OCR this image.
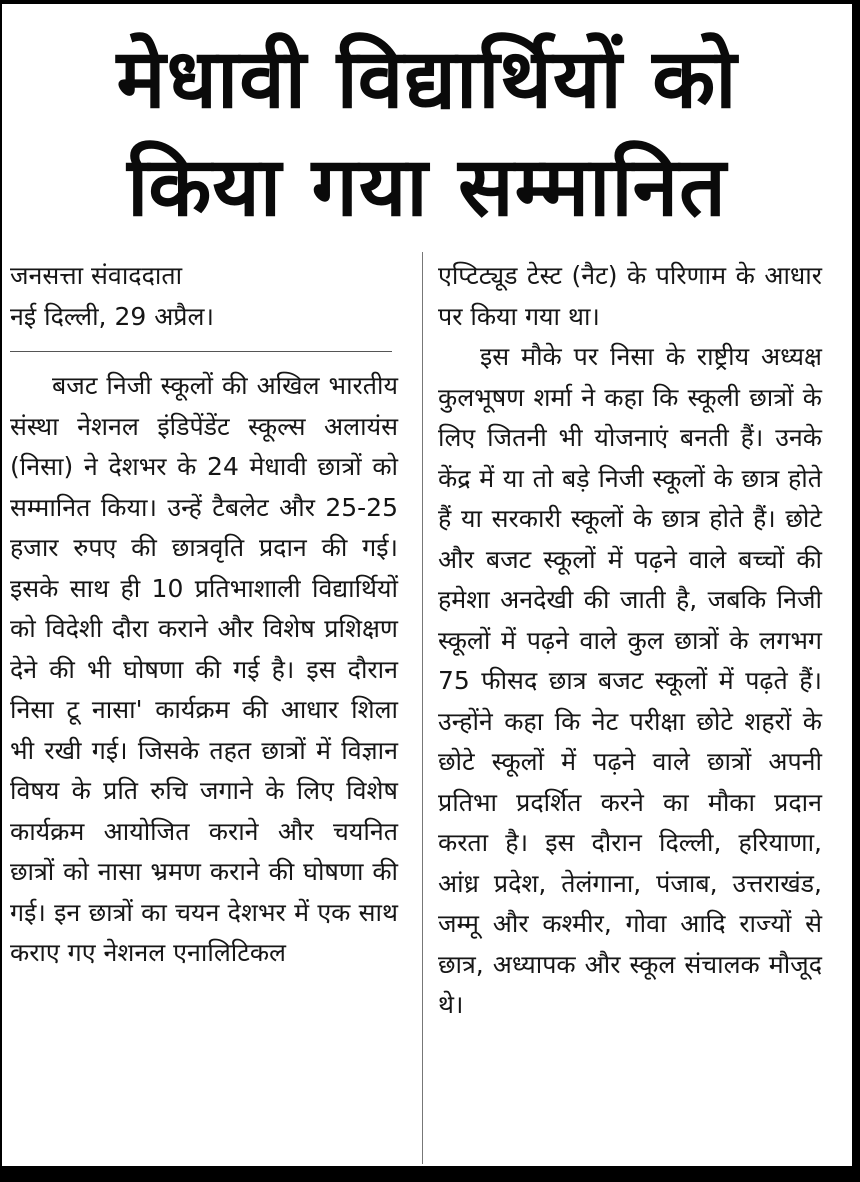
मेधावी विद्यार्थियों को
किया गया सम्मानित
जनसत्ता संवाददाता
नई दिल्ली, 29 अप्रैल।

बजट निजी स्कूलों की अखिल भारतीय संस्था नेशनल इंडिपेंडेंट स्कूल्स अलायंस (निसा) ने देशभर के 24 मेधावी छात्रों को सम्मानित किया। उन्हें टैबलेट और 25-25 हजार रुपए की छात्रवृति प्रदान की गई। इसके साथ ही 10 प्रतिभाशाली विद्यार्थियों को विदेशी दौरा कराने और विशेष प्रशिक्षण देने की भी घोषणा की गई है। इस दौरान निसा टू नासा' कार्यक्रम की आधार शिला भी रखी गई। जिसके तहत छात्रों में विज्ञान विषय के प्रति रुचि जगाने के लिए विशेष कार्यक्रम आयोजित कराने और चयनित छात्रों को नासा भ्रमण कराने की घोषणा की गई। इन छात्रों का चयन देशभर में एक साथ कराए गए नेशनल एनालिटिकल

एप्टिट्यूड टेस्ट (नैट) के परिणाम के आधार पर किया गया था।

इस मौके पर निसा के राष्ट्रीय अध्यक्ष कुलभूषण शर्मा ने कहा कि स्कूली छात्रों के लिए जितनी भी योजनाएं बनती हैं। उनके केंद्र में या तो बड़े निजी स्कूलों के छात्र होते हैं या सरकारी स्कूलों के छात्र होते हैं। छोटे और बजट स्कूलों में पढ़ने वाले बच्चों की हमेशा अनदेखी की जाती है, जबकि निजी स्कूलों में पढ़ने वाले कुल छात्रों के लगभग 75 फीसद छात्र बजट स्कूलों में पढ़ते हैं। उन्होंने कहा कि नेट परीक्षा छोटे शहरों के छोटे स्कूलों में पढ़ने वाले छात्रों अपनी प्रतिभा प्रदर्शित करने का मौका प्रदान करता है। इस दौरान दिल्ली, हरियाणा, आंध्र प्रदेश, तेलंगाना, पंजाब, उत्तराखंड, जम्मू और कश्मीर, गोवा आदि राज्यों से छात्र, अध्यापक और स्कूल संचालक मौजूद थे।
